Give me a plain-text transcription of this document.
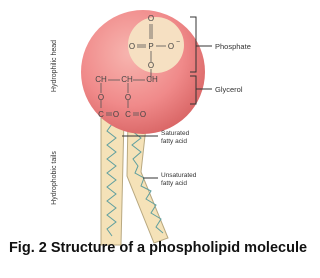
O
O P O −
O
CH CH CH
O	O
C O C O
Phosphate
Glycerol
Saturated
fatty acid
Unsaturated
fatty acid
Hydrophilic head
Hydrophobic tails
Fig. 2 Structure of a phospholipid molecule
